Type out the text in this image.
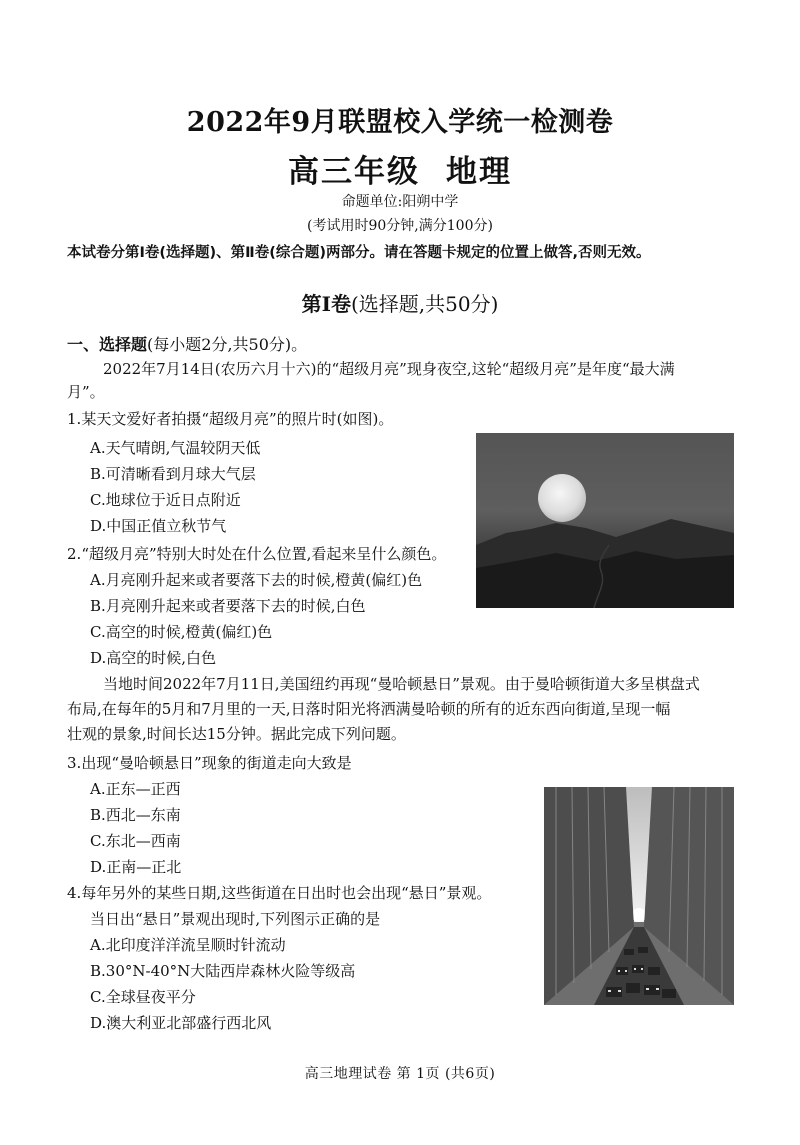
2022年9月联盟校入学统一检测卷
高三年级 地理
命题单位:阳朔中学
(考试用时90分钟,满分100分)
本试卷分第Ⅰ卷(选择题)、第Ⅱ卷(综合题)两部分。请在答题卡规定的位置上做答,否则无效。
第Ⅰ卷(选择题,共50分)
一、选择题(每小题2分,共50分)。
2022年7月14日(农历六月十六)的“超级月亮”现身夜空,这轮“超级月亮”是年度“最大满
月”。
1.某天文爱好者拍摄“超级月亮”的照片时(如图)。
A.天气晴朗,气温较阴天低
B.可清晰看到月球大气层
C.地球位于近日点附近
D.中国正值立秋节气
2.“超级月亮”特别大时处在什么位置,看起来呈什么颜色。
A.月亮刚升起来或者要落下去的时候,橙黄(偏红)色
B.月亮刚升起来或者要落下去的时候,白色
C.高空的时候,橙黄(偏红)色
D.高空的时候,白色
当地时间2022年7月11日,美国纽约再现“曼哈顿悬日”景观。由于曼哈顿街道大多呈棋盘式
布局,在每年的5月和7月里的一天,日落时阳光将洒满曼哈顿的所有的近东西向街道,呈现一幅
壮观的景象,时间长达15分钟。据此完成下列问题。
3.出现“曼哈顿悬日”现象的街道走向大致是
A.正东—正西
B.西北—东南
C.东北—西南
D.正南—正北
4.每年另外的某些日期,这些街道在日出时也会出现“悬日”景观。
当日出“悬日”景观出现时,下列图示正确的是
A.北印度洋洋流呈顺时针流动
B.30°N-40°N大陆西岸森林火险等级高
C.全球昼夜平分
D.澳大利亚北部盛行西北风
高三地理试卷 第 1页 (共6页)
